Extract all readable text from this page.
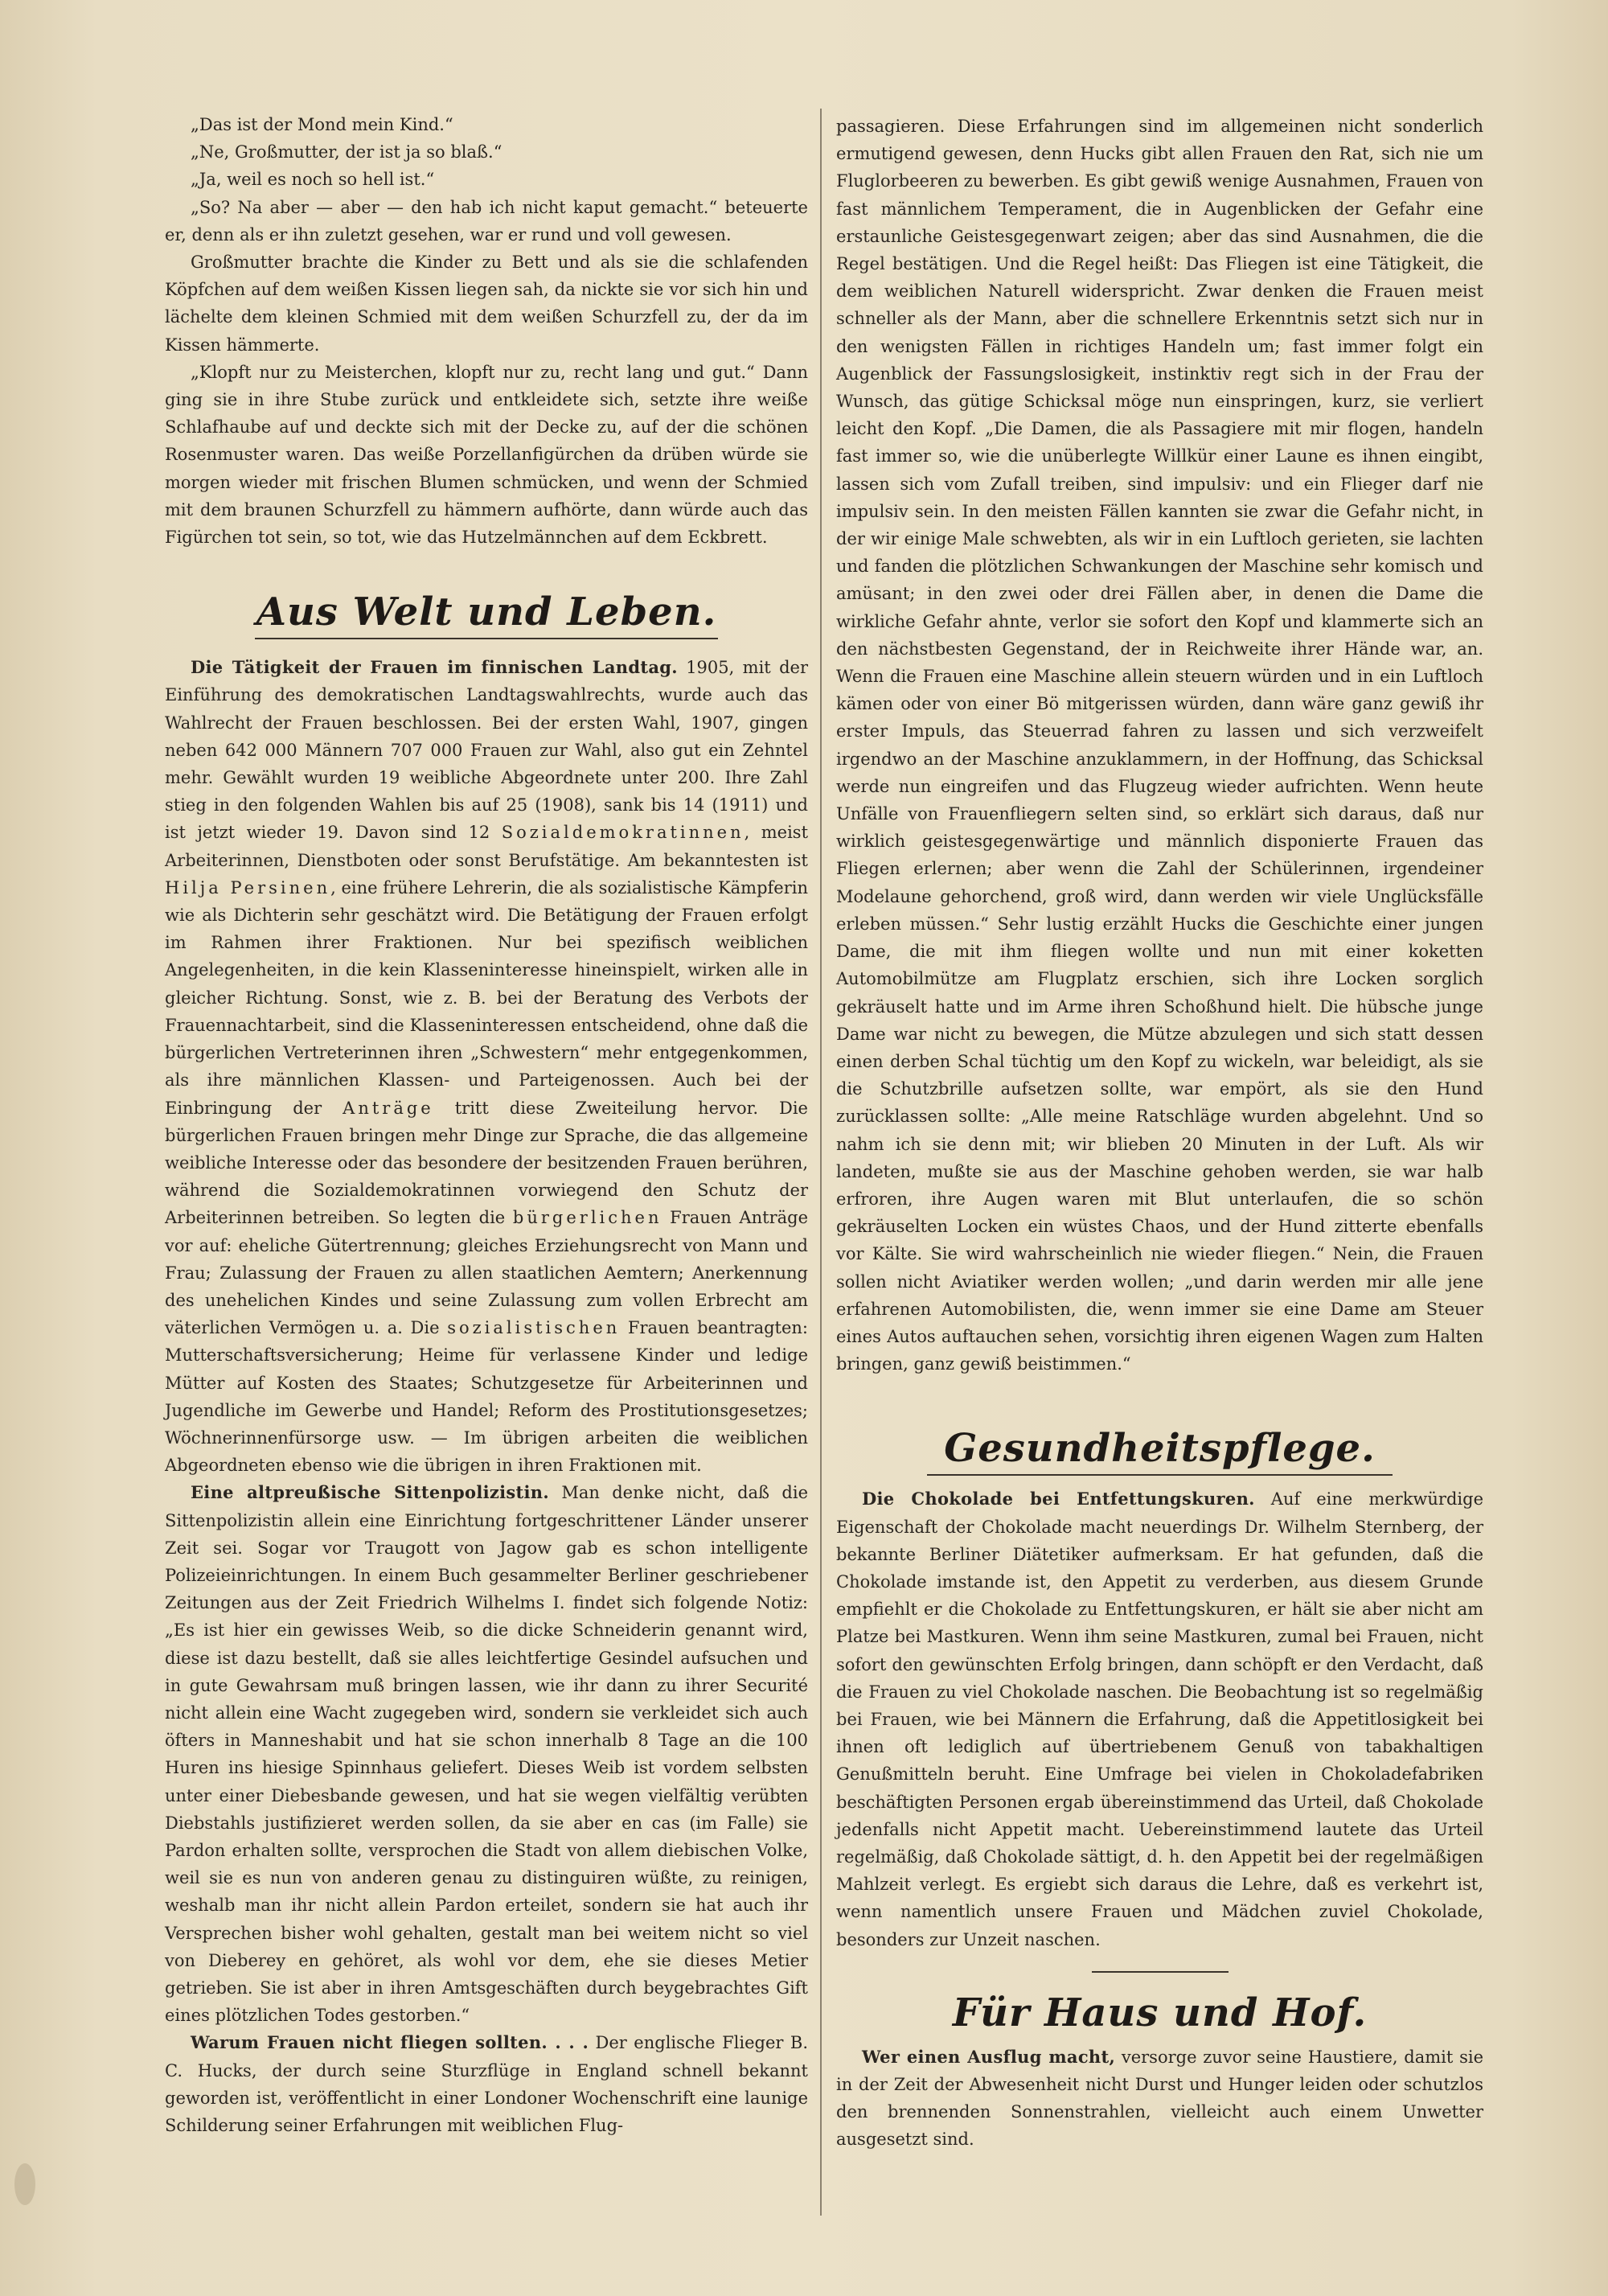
„Das ist der Mond mein Kind.“

„Ne, Großmutter, der ist ja so blaß.“

„Ja, weil es noch so hell ist.“

„So? Na aber — aber — den hab ich nicht kaput gemacht.“ beteuerte er, denn als er ihn zuletzt gesehen, war er rund und voll gewesen.

Großmutter brachte die Kinder zu Bett und als sie die schlafenden Köpfchen auf dem weißen Kissen liegen sah, da nickte sie vor sich hin und lächelte dem kleinen Schmied mit dem weißen Schurzfell zu, der da im Kissen hämmerte.

„Klopft nur zu Meisterchen, klopft nur zu, recht lang und gut.“ Dann ging sie in ihre Stube zurück und entkleidete sich, setzte ihre weiße Schlafhaube auf und deckte sich mit der Decke zu, auf der die schönen Rosenmuster waren. Das weiße Porzellanfigürchen da drüben würde sie morgen wieder mit frischen Blumen schmücken, und wenn der Schmied mit dem braunen Schurzfell zu hämmern aufhörte, dann würde auch das Figürchen tot sein, so tot, wie das Hutzelmännchen auf dem Eckbrett.

Aus Welt und Leben.

Die Tätigkeit der Frauen im finnischen Landtag. 1905, mit der Einführung des demokratischen Landtagswahlrechts, wurde auch das Wahlrecht der Frauen beschlossen. Bei der ersten Wahl, 1907, gingen neben 642 000 Männern 707 000 Frauen zur Wahl, also gut ein Zehntel mehr. Gewählt wurden 19 weibliche Abgeordnete unter 200. Ihre Zahl stieg in den folgenden Wahlen bis auf 25 (1908), sank bis 14 (1911) und ist jetzt wieder 19. Davon sind 12 Sozialdemokratinnen, meist Arbeiterinnen, Dienstboten oder sonst Berufstätige. Am bekanntesten ist Hilja Persinen, eine frühere Lehrerin, die als sozialistische Kämpferin wie als Dichterin sehr geschätzt wird. Die Betätigung der Frauen erfolgt im Rahmen ihrer Fraktionen. Nur bei spezifisch weiblichen Angelegenheiten, in die kein Klasseninteresse hineinspielt, wirken alle in gleicher Richtung. Sonst, wie z. B. bei der Beratung des Verbots der Frauennachtarbeit, sind die Klasseninteressen entscheidend, ohne daß die bürgerlichen Vertreterinnen ihren „Schwestern“ mehr entgegenkommen, als ihre männlichen Klassen- und Parteigenossen. Auch bei der Einbringung der Anträge tritt diese Zweiteilung hervor. Die bürgerlichen Frauen bringen mehr Dinge zur Sprache, die das allgemeine weibliche Interesse oder das besondere der besitzenden Frauen berühren, während die Sozialdemokratinnen vorwiegend den Schutz der Arbeiterinnen betreiben. So legten die bürgerlichen Frauen Anträge vor auf: eheliche Gütertrennung; gleiches Erziehungsrecht von Mann und Frau; Zulassung der Frauen zu allen staatlichen Aemtern; Anerkennung des unehelichen Kindes und seine Zulassung zum vollen Erbrecht am väterlichen Vermögen u. a. Die sozialistischen Frauen beantragten: Mutterschaftsversicherung; Heime für verlassene Kinder und ledige Mütter auf Kosten des Staates; Schutzgesetze für Arbeiterinnen und Jugendliche im Gewerbe und Handel; Reform des Prostitutionsgesetzes; Wöchnerinnenfürsorge usw. — Im übrigen arbeiten die weiblichen Abgeordneten ebenso wie die übrigen in ihren Fraktionen mit.

Eine altpreußische Sittenpolizistin. Man denke nicht, daß die Sittenpolizistin allein eine Einrichtung fortgeschrittener Länder unserer Zeit sei. Sogar vor Traugott von Jagow gab es schon intelligente Polizeieinrichtungen. In einem Buch gesammelter Berliner geschriebener Zeitungen aus der Zeit Friedrich Wilhelms I. findet sich folgende Notiz: „Es ist hier ein gewisses Weib, so die dicke Schneiderin genannt wird, diese ist dazu bestellt, daß sie alles leichtfertige Gesindel aufsuchen und in gute Gewahrsam muß bringen lassen, wie ihr dann zu ihrer Securité nicht allein eine Wacht zugegeben wird, sondern sie verkleidet sich auch öfters in Manneshabit und hat sie schon innerhalb 8 Tage an die 100 Huren ins hiesige Spinnhaus geliefert. Dieses Weib ist vordem selbsten unter einer Diebesbande gewesen, und hat sie wegen vielfältig verübten Diebstahls justifizieret werden sollen, da sie aber en cas (im Falle) sie Pardon erhalten sollte, versprochen die Stadt von allem diebischen Volke, weil sie es nun von anderen genau zu distinguiren wüßte, zu reinigen, weshalb man ihr nicht allein Pardon erteilet, sondern sie hat auch ihr Versprechen bisher wohl gehalten, gestalt man bei weitem nicht so viel von Dieberey en gehöret, als wohl vor dem, ehe sie dieses Metier getrieben. Sie ist aber in ihren Amtsgeschäften durch beygebrachtes Gift eines plötzlichen Todes gestorben.“

Warum Frauen nicht fliegen sollten. . . . Der englische Flieger B. C. Hucks, der durch seine Sturzflüge in England schnell bekannt geworden ist, veröffentlicht in einer Londoner Wochenschrift eine launige Schilderung seiner Erfahrungen mit weiblichen Flug-

passagieren. Diese Erfahrungen sind im allgemeinen nicht sonderlich ermutigend gewesen, denn Hucks gibt allen Frauen den Rat, sich nie um Fluglorbeeren zu bewerben. Es gibt gewiß wenige Ausnahmen, Frauen von fast männlichem Temperament, die in Augenblicken der Gefahr eine erstaunliche Geistesgegenwart zeigen; aber das sind Ausnahmen, die die Regel bestätigen. Und die Regel heißt: Das Fliegen ist eine Tätigkeit, die dem weiblichen Naturell widerspricht. Zwar denken die Frauen meist schneller als der Mann, aber die schnellere Erkenntnis setzt sich nur in den wenigsten Fällen in richtiges Handeln um; fast immer folgt ein Augenblick der Fassungslosigkeit, instinktiv regt sich in der Frau der Wunsch, das gütige Schicksal möge nun einspringen, kurz, sie verliert leicht den Kopf. „Die Damen, die als Passagiere mit mir flogen, handeln fast immer so, wie die unüberlegte Willkür einer Laune es ihnen eingibt, lassen sich vom Zufall treiben, sind impulsiv: und ein Flieger darf nie impulsiv sein. In den meisten Fällen kannten sie zwar die Gefahr nicht, in der wir einige Male schwebten, als wir in ein Luftloch gerieten, sie lachten und fanden die plötzlichen Schwankungen der Maschine sehr komisch und amüsant; in den zwei oder drei Fällen aber, in denen die Dame die wirkliche Gefahr ahnte, verlor sie sofort den Kopf und klammerte sich an den nächstbesten Gegenstand, der in Reichweite ihrer Hände war, an. Wenn die Frauen eine Maschine allein steuern würden und in ein Luftloch kämen oder von einer Bö mitgerissen würden, dann wäre ganz gewiß ihr erster Impuls, das Steuerrad fahren zu lassen und sich verzweifelt irgendwo an der Maschine anzuklammern, in der Hoffnung, das Schicksal werde nun eingreifen und das Flugzeug wieder aufrichten. Wenn heute Unfälle von Frauenfliegern selten sind, so erklärt sich daraus, daß nur wirklich geistesgegenwärtige und männlich disponierte Frauen das Fliegen erlernen; aber wenn die Zahl der Schülerinnen, irgendeiner Modelaune gehorchend, groß wird, dann werden wir viele Unglücksfälle erleben müssen.“ Sehr lustig erzählt Hucks die Geschichte einer jungen Dame, die mit ihm fliegen wollte und nun mit einer koketten Automobilmütze am Flugplatz erschien, sich ihre Locken sorglich gekräuselt hatte und im Arme ihren Schoßhund hielt. Die hübsche junge Dame war nicht zu bewegen, die Mütze abzulegen und sich statt dessen einen derben Schal tüchtig um den Kopf zu wickeln, war beleidigt, als sie die Schutzbrille aufsetzen sollte, war empört, als sie den Hund zurücklassen sollte: „Alle meine Ratschläge wurden abgelehnt. Und so nahm ich sie denn mit; wir blieben 20 Minuten in der Luft. Als wir landeten, mußte sie aus der Maschine gehoben werden, sie war halb erfroren, ihre Augen waren mit Blut unterlaufen, die so schön gekräuselten Locken ein wüstes Chaos, und der Hund zitterte ebenfalls vor Kälte. Sie wird wahrscheinlich nie wieder fliegen.“ Nein, die Frauen sollen nicht Aviatiker werden wollen; „und darin werden mir alle jene erfahrenen Automobilisten, die, wenn immer sie eine Dame am Steuer eines Autos auftauchen sehen, vorsichtig ihren eigenen Wagen zum Halten bringen, ganz gewiß beistimmen.“

Gesundheitspflege.

Die Chokolade bei Entfettungskuren. Auf eine merkwürdige Eigenschaft der Chokolade macht neuerdings Dr. Wilhelm Sternberg, der bekannte Berliner Diätetiker aufmerksam. Er hat gefunden, daß die Chokolade imstande ist, den Appetit zu verderben, aus diesem Grunde empfiehlt er die Chokolade zu Entfettungskuren, er hält sie aber nicht am Platze bei Mastkuren. Wenn ihm seine Mastkuren, zumal bei Frauen, nicht sofort den gewünschten Erfolg bringen, dann schöpft er den Verdacht, daß die Frauen zu viel Chokolade naschen. Die Beobachtung ist so regelmäßig bei Frauen, wie bei Männern die Erfahrung, daß die Appetitlosigkeit bei ihnen oft lediglich auf übertriebenem Genuß von tabakhaltigen Genußmitteln beruht. Eine Umfrage bei vielen in Chokoladefabriken beschäftigten Personen ergab übereinstimmend das Urteil, daß Chokolade jedenfalls nicht Appetit macht. Uebereinstimmend lautete das Urteil regelmäßig, daß Chokolade sättigt, d. h. den Appetit bei der regelmäßigen Mahlzeit verlegt. Es ergiebt sich daraus die Lehre, daß es verkehrt ist, wenn namentlich unsere Frauen und Mädchen zuviel Chokolade, besonders zur Unzeit naschen.

Für Haus und Hof.

Wer einen Ausflug macht, versorge zuvor seine Haustiere, damit sie in der Zeit der Abwesenheit nicht Durst und Hunger leiden oder schutzlos den brennenden Sonnenstrahlen, vielleicht auch einem Unwetter ausgesetzt sind.
